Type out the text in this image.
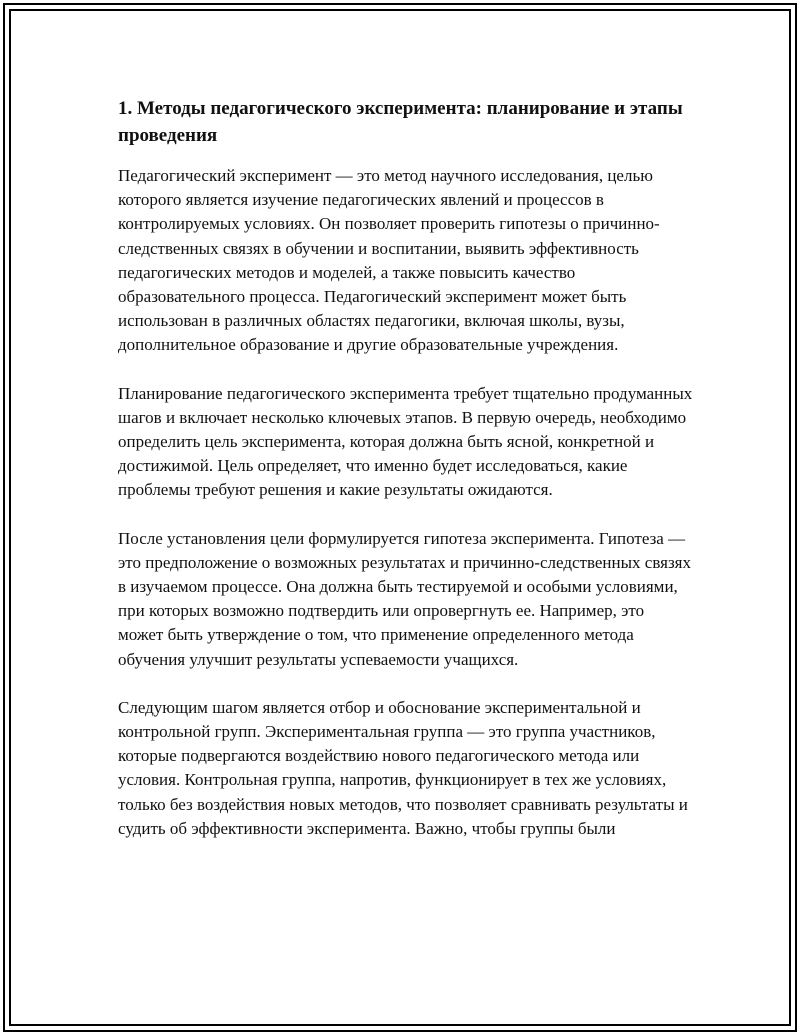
1. Методы педагогического эксперимента: планирование и этапы проведения

Педагогический эксперимент — это метод научного исследования, целью которого является изучение педагогических явлений и процессов в контролируемых условиях. Он позволяет проверить гипотезы о причинно-следственных связях в обучении и воспитании, выявить эффективность педагогических методов и моделей, а также повысить качество образовательного процесса. Педагогический эксперимент может быть использован в различных областях педагогики, включая школы, вузы, дополнительное образование и другие образовательные учреждения.

Планирование педагогического эксперимента требует тщательно продуманных шагов и включает несколько ключевых этапов. В первую очередь, необходимо определить цель эксперимента, которая должна быть ясной, конкретной и достижимой. Цель определяет, что именно будет исследоваться, какие проблемы требуют решения и какие результаты ожидаются.

После установления цели формулируется гипотеза эксперимента. Гипотеза — это предположение о возможных результатах и причинно-следственных связях в изучаемом процессе. Она должна быть тестируемой и особыми условиями, при которых возможно подтвердить или опровергнуть ее. Например, это может быть утверждение о том, что применение определенного метода обучения улучшит результаты успеваемости учащихся.

Следующим шагом является отбор и обоснование экспериментальной и контрольной групп. Экспериментальная группа — это группа участников, которые подвергаются воздействию нового педагогического метода или условия. Контрольная группа, напротив, функционирует в тех же условиях, только без воздействия новых методов, что позволяет сравнивать результаты и судить об эффективности эксперимента. Важно, чтобы группы были
